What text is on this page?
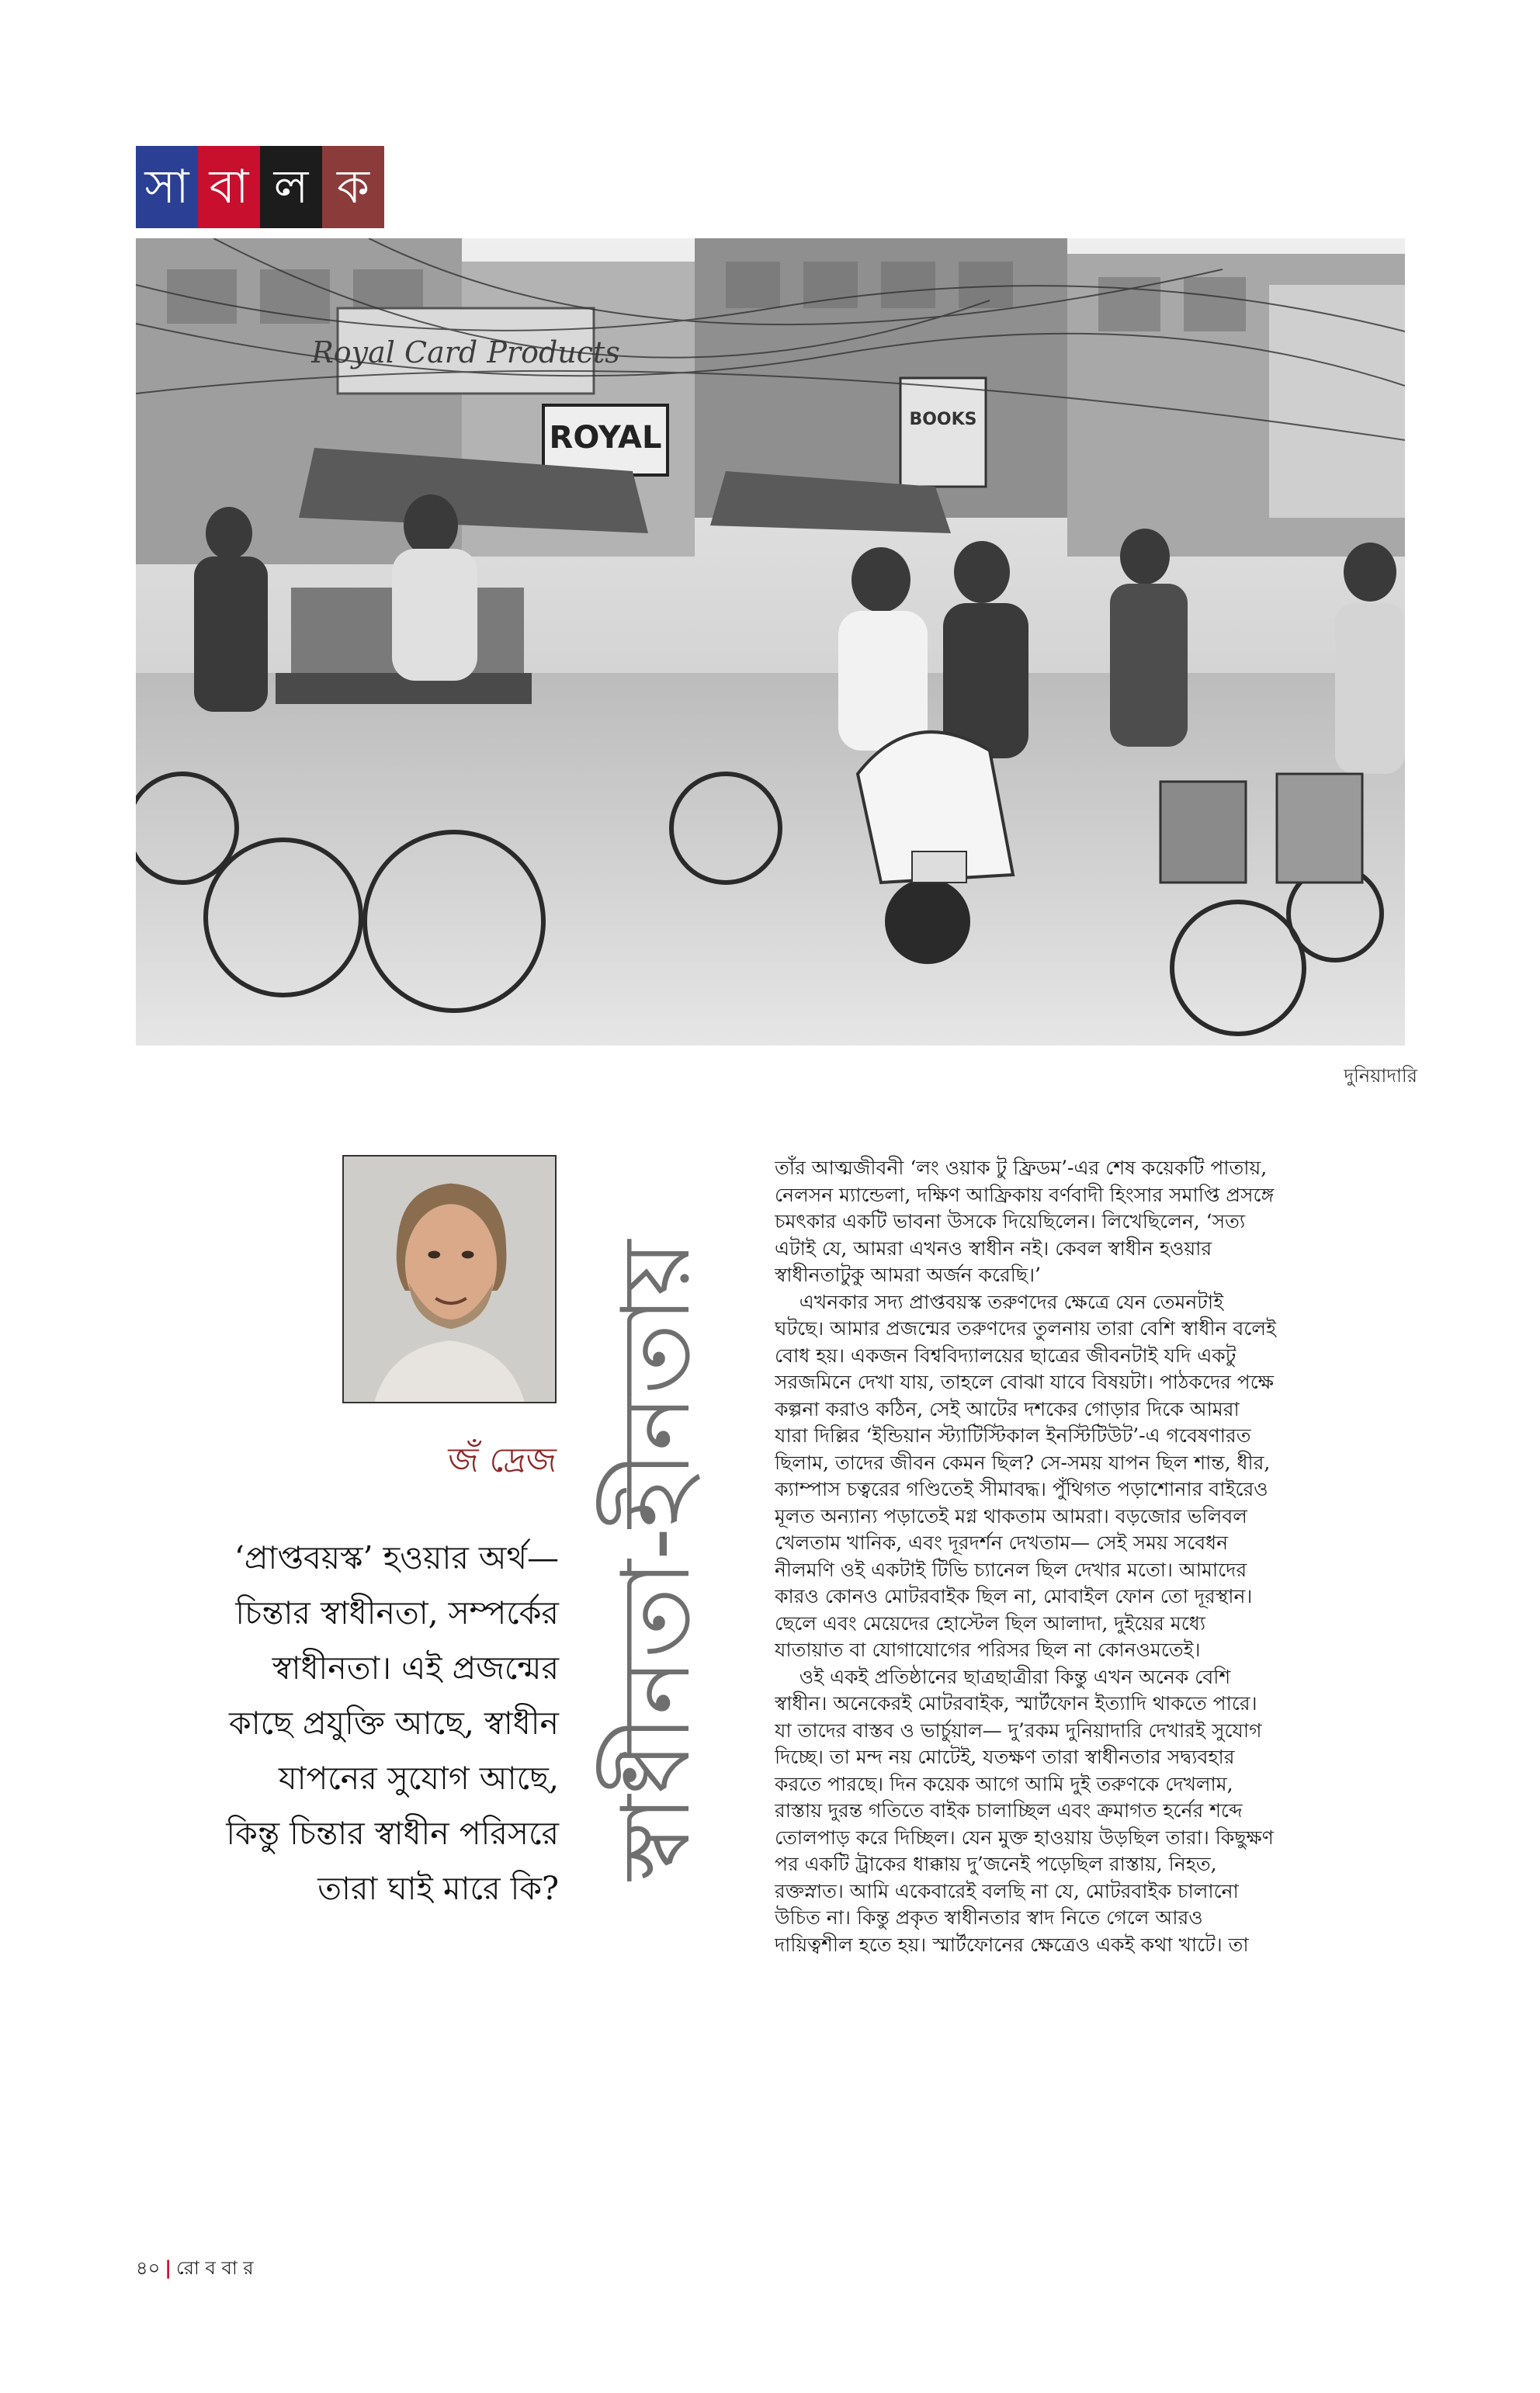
সা বা ল ক
Royal Card Products
ROYAL
BOOKS
দুনিয়াদারি
জঁ দ্রেজ
‘প্রাপ্তবয়স্ক’ হওয়ার অর্থ—
চিন্তার স্বাধীনতা, সম্পর্কের
স্বাধীনতা। এই প্রজন্মের
কাছে প্রযুক্তি আছে, স্বাধীন
যাপনের সুযোগ আছে,
কিন্তু চিন্তার স্বাধীন পরিসরে
তারা ঘাই মারে কি?
স্বাধীনতা-হীনতায়
তাঁর আত্মজীবনী ‘লং ওয়াক টু ফ্রিডম’-এর শেষ কয়েকটি পাতায়,
নেলসন ম্যান্ডেলা, দক্ষিণ আফ্রিকায় বর্ণবাদী হিংসার সমাপ্তি প্রসঙ্গে
চমৎকার একটি ভাবনা উসকে দিয়েছিলেন। লিখেছিলেন, ‘সত্য
এটাই যে, আমরা এখনও স্বাধীন নই। কেবল স্বাধীন হওয়ার
স্বাধীনতাটুকু আমরা অর্জন করেছি।’
এখনকার সদ্য প্রাপ্তবয়স্ক তরুণদের ক্ষেত্রে যেন তেমনটাই
ঘটছে। আমার প্রজন্মের তরুণদের তুলনায় তারা বেশি স্বাধীন বলেই
বোধ হয়। একজন বিশ্ববিদ্যালয়ের ছাত্রের জীবনটাই যদি একটু
সরজমিনে দেখা যায়, তাহলে বোঝা যাবে বিষয়টা। পাঠকদের পক্ষে
কল্পনা করাও কঠিন, সেই আটের দশকের গোড়ার দিকে আমরা
যারা দিল্লির ‘ইন্ডিয়ান স্ট্যাটিস্টিকাল ইনস্টিটিউট’-এ গবেষণারত
ছিলাম, তাদের জীবন কেমন ছিল? সে-সময় যাপন ছিল শান্ত, ধীর,
ক্যাম্পাস চত্বরের গণ্ডিতেই সীমাবদ্ধ। পুঁথিগত পড়াশোনার বাইরেও
মূলত অন্যান্য পড়াতেই মগ্ন থাকতাম আমরা। বড়জোর ভলিবল
খেলতাম খানিক, এবং দূরদর্শন দেখতাম— সেই সময় সবেধন
নীলমণি ওই একটাই টিভি চ্যানেল ছিল দেখার মতো। আমাদের
কারও কোনও মোটরবাইক ছিল না, মোবাইল ফোন তো দূরস্থান।
ছেলে এবং মেয়েদের হোস্টেল ছিল আলাদা, দুইয়ের মধ্যে
যাতায়াত বা যোগাযোগের পরিসর ছিল না কোনওমতেই।
ওই একই প্রতিষ্ঠানের ছাত্রছাত্রীরা কিন্তু এখন অনেক বেশি
স্বাধীন। অনেকেরই মোটরবাইক, স্মার্টফোন ইত্যাদি থাকতে পারে।
যা তাদের বাস্তব ও ভার্চুয়াল— দু’রকম দুনিয়াদারি দেখারই সুযোগ
দিচ্ছে। তা মন্দ নয় মোটেই, যতক্ষণ তারা স্বাধীনতার সদ্ব্যবহার
করতে পারছে। দিন কয়েক আগে আমি দুই তরুণকে দেখলাম,
রাস্তায় দুরন্ত গতিতে বাইক চালাচ্ছিল এবং ক্রমাগত হর্নের শব্দে
তোলপাড় করে দিচ্ছিল। যেন মুক্ত হাওয়ায় উড়ছিল তারা। কিছুক্ষণ
পর একটি ট্রাকের ধাক্কায় দু’জনেই পড়েছিল রাস্তায়, নিহত,
রক্তস্নাত। আমি একেবারেই বলছি না যে, মোটরবাইক চালানো
উচিত না। কিন্তু প্রকৃত স্বাধীনতার স্বাদ নিতে গেলে আরও
দায়িত্বশীল হতে হয়। স্মার্টফোনের ক্ষেত্রেও একই কথা খাটে। তা
৪০ | রো ব বা র
